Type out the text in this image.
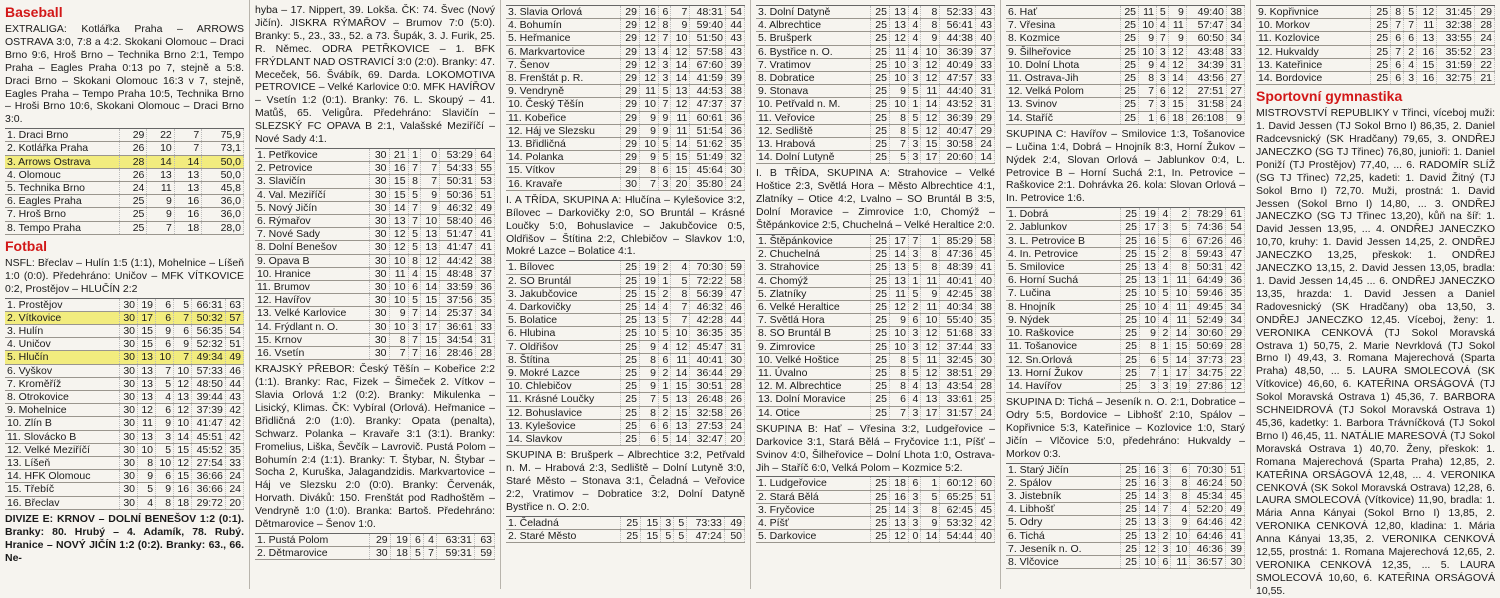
Baseball
EXTRALIGA: Kotlářka Praha – ARROWS OSTRAVA 3:0, 7:8 a 4:2. Skokani Olomouc – Draci Brno 9:6, Hroš Brno – Technika Brno 2:1, Tempo Praha – Eagles Praha 0:13 po 7, stejně a 5:8. Draci Brno – Skokani Olomouc 16:3 v 7, stejně, Eagles Praha – Tempo Praha 10:5, Technika Brno – Hroši Brno 10:6, Skokani Olomouc – Draci Brno 3:0.
1. Draci Brno	29	22	7	75,9
2. Kotlářka Praha	26	10	7	73,1
3. Arrows Ostrava	28	14	14	50,0
4. Olomouc	26	13	13	50,0
5. Technika Brno	24	11	13	45,8
6. Eagles Praha	25	9	16	36,0
7. Hroš Brno	25	9	16	36,0
8. Tempo Praha	25	7	18	28,0
Fotbal
NSFL: Břeclav – Hulín 1:5 (1:1), Mohelnice – Líšeň 1:0 (0:0). Předehráno: Uničov – MFK VÍTKOVICE 0:2, Prostějov – HLUČÍN 2:2
1. Prostějov	30	19	6	5	66:31	63
2. Vítkovice	30	17	6	7	50:32	57
3. Hulín	30	15	9	6	56:35	54
4. Uničov	30	15	6	9	52:32	51
5. Hlučín	30	13	10	7	49:34	49
6. Vyškov	30	13	7	10	57:33	46
7. Kroměříž	30	13	5	12	48:50	44
8. Otrokovice	30	13	4	13	39:44	43
9. Mohelnice	30	12	6	12	37:39	42
10. Zlín B	30	11	9	10	41:47	42
11. Slovácko B	30	13	3	14	45:51	42
12. Velké Meziříčí	30	10	5	15	45:52	35
13. Líšeň	30	8	10	12	27:54	33
14. HFK Olomouc	30	9	6	15	36:66	24
15. Třebíč	30	5	9	16	36:66	24
16. Břeclav	30	4	8	18	29:72	20
DIVIZE E: KRNOV – DOLNÍ BENEŠOV 1:2 (0:1). Branky: 80. Hrubý – 4. Adamík, 78. Rubý. Hranice – NOVÝ JIČÍN 1:2 (0:2). Branky: 63., 66. Ne-
hyba – 17. Nippert, 39. Lokša. ČK: 74. Švec (Nový Jičín). JISKRA RÝMAŘOV – Brumov 7:0 (5:0). Branky: 5., 23., 33., 52. a 73. Šupák, 3. J. Furik, 25. R. Němec. ODRA PETŘKOVICE – 1. BFK FRÝDLANT NAD OSTRAVICÍ 3:0 (2:0). Branky: 47. Meceček, 56. Švábík, 69. Darda. LOKOMOTIVA PETROVICE – Velké Karlovice 0:0. MFK HAVÍŘOV – Vsetín 1:2 (0:1). Branky: 76. L. Skoupý – 41. Matůš, 65. Veligůra. Předehráno: Slavičín – SLEZSKÝ FC OPAVA B 2:1, Valašské Meziříčí – Nové Sady 4:1.
1. Petřkovice	30	21	1	0	53:29	64
2. Petrovice	30	16	7	7	54:33	55
3. Slavičín	30	15	8	7	50:31	53
4. Val. Meziříčí	30	15	5	9	50:36	51
5. Nový Jičín	30	14	7	9	46:32	49
6. Rýmařov	30	13	7	10	58:40	46
7. Nové Sady	30	12	5	13	51:47	41
8. Dolní Benešov	30	12	5	13	41:47	41
9. Opava B	30	10	8	12	44:42	38
10. Hranice	30	11	4	15	48:48	37
11. Brumov	30	10	6	14	33:59	36
12. Havířov	30	10	5	15	37:56	35
13. Velké Karlovice	30	9	7	14	25:37	34
14. Frýdlant n. O.	30	10	3	17	36:61	33
15. Krnov	30	8	7	15	34:54	31
16. Vsetín	30	7	7	16	28:46	28
KRAJSKÝ PŘEBOR: Český Těšín – Kobeřice 2:2 (1:1). Branky: Rac, Fizek – Šimeček 2. Vítkov – Slavia Orlová 1:2 (0:2). Branky: Mikulenka – Lisický, Klimas. ČK: Vybíral (Orlová). Heřmanice – Břidličná 2:0 (1:0). Branky: Opata (penalta), Schwarz. Polanka – Kravaře 3:1 (3:1). Branky: Fromelius, Liška, Ševčík – Lavrovič. Pustá Polom – Bohumín 2:4 (1:1). Branky: T. Štybar, N. Štybar – Socha 2, Kuruška, Jalagandzidis. Markvartovice – Háj ve Slezsku 2:0 (0:0). Branky: Červenák, Horvath. Diváků: 150. Frenštát pod Radhoštěm – Vendryně 1:0 (1:0). Branka: Bartoš. Předehráno: Dětmarovice – Šenov 1:0.
1. Pustá Polom	29	19	6	4	63:31	63
2. Dětmarovice	30	18	5	7	59:31	59
3. Slavia Orlová	29	16	6	7	48:31	54
4. Bohumín	29	12	8	9	59:40	44
5. Heřmanice	29	12	7	10	51:50	43
6. Markvartovice	29	13	4	12	57:58	43
7. Šenov	29	12	3	14	67:60	39
8. Frenštát p. R.	29	12	3	14	41:59	39
9. Vendryně	29	11	5	13	44:53	38
10. Český Těšín	29	10	7	12	47:37	37
11. Kobeřice	29	9	9	11	60:61	36
12. Háj ve Slezsku	29	9	9	11	51:54	36
13. Břidličná	29	10	5	14	51:62	35
14. Polanka	29	9	5	15	51:49	32
15. Vítkov	29	8	6	15	45:64	30
16. Kravaře	30	7	3	20	35:80	24
I. A TŘÍDA, SKUPINA A: Hlučína – Kylešovice 3:2, Bílovec – Darkovičky 2:0, SO Bruntál – Krásné Loučky 5:0, Bohuslavice – Jakubčovice 0:5, Oldřišov – Štítina 2:2, Chlebičov – Slavkov 1:0, Mokré Lazce – Bolatice 4:1.
1. Bílovec	25	19	2	4	70:30	59
2. SO Bruntál	25	19	1	5	72:22	58
3. Jakubčovice	25	15	2	8	56:39	47
4. Darkovičky	25	14	4	7	46:32	46
5. Bolatice	25	13	5	7	42:28	44
6. Hlubina	25	10	5	10	36:35	35
7. Oldřišov	25	9	4	12	45:47	31
8. Štítina	25	8	6	11	40:41	30
9. Mokré Lazce	25	9	2	14	36:44	29
10. Chlebičov	25	9	1	15	30:51	28
11. Krásné Loučky	25	7	5	13	26:48	26
12. Bohuslavice	25	8	2	15	32:58	26
13. Kylešovice	25	6	6	13	27:53	24
14. Slavkov	25	6	5	14	32:47	20
SKUPINA B: Brušperk – Albrechtice 3:2, Petřvald n. M. – Hrabová 2:3, Sedliště – Dolní Lutyně 3:0, Staré Město – Stonava 3:1, Čeladná – Veřovice 2:2, Vratimov – Dobratice 3:2, Dolní Datyně Bystřice n. O. 2:0.
1. Čeladná	25	15	3	5	73:33	49
2. Staré Město	25	15	5	5	47:24	50
3. Dolní Datyně	25	13	4	8	52:33	43
4. Albrechtice	25	13	4	8	56:41	43
5. Brušperk	25	12	4	9	44:38	40
6. Bystřice n. O.	25	11	4	10	36:39	37
7. Vratimov	25	10	3	12	40:49	33
8. Dobratice	25	10	3	12	47:57	33
9. Stonava	25	9	5	11	44:40	31
10. Petřvald n. M.	25	10	1	14	43:52	31
11. Veřovice	25	8	5	12	36:39	29
12. Sedliště	25	8	5	12	40:47	29
13. Hrabová	25	7	3	15	30:58	24
14. Dolní Lutyně	25	5	3	17	20:60	14
I. B TŘÍDA, SKUPINA A: Strahovice – Velké Hoštice 2:3, Světlá Hora – Město Albrechtice 4:1, Zlatníky – Otice 4:2, Lvalno – SO Bruntál B 3:5, Dolní Moravice – Zimrovice 1:0, Chomýž – Štěpánkovice 2:5, Chuchelná – Velké Heraltice 2:0.
1. Štěpánkovice	25	17	7	1	85:29	58
2. Chuchelná	25	14	3	8	47:36	45
3. Strahovice	25	13	5	8	48:39	41
4. Chomýž	25	13	1	11	40:41	40
5. Zlatníky	25	11	5	9	42:45	38
6. Velké Heraltice	25	12	2	11	40:34	38
7. Světlá Hora	25	9	6	10	55:40	35
8. SO Bruntál B	25	10	3	12	51:68	33
9. Zimrovice	25	10	3	12	37:44	33
10. Velké Hoštice	25	8	5	11	32:45	30
11. Úvalno	25	8	5	12	38:51	29
12. M. Albrechtice	25	8	4	13	43:54	28
13. Dolní Moravice	25	6	4	13	33:61	25
14. Otice	25	7	3	17	31:57	24
SKUPINA B: Hať – Vřesina 3:2, Ludgeřovice – Darkovice 3:1, Stará Bělá – Fryčovice 1:1, Píšť – Svinov 4:0, Šilheřovice – Dolní Lhota 1:0, Ostrava-Jih – Staříč 6:0, Velká Polom – Kozmice 5:2.
1. Ludgeřovice	25	18	6	1	60:12	60
2. Stará Bělá	25	16	3	5	65:25	51
3. Fryčovice	25	14	3	8	62:45	45
4. Píšť	25	13	3	9	53:32	42
5. Darkovice	25	12	0	14	54:44	40
6. Hať	25	11	5	9	49:40	38
7. Vřesina	25	10	4	11	57:47	34
8. Kozmice	25	9	7	9	60:50	34
9. Šilheřovice	25	10	3	12	43:48	33
10. Dolní Lhota	25	9	4	12	34:39	31
11. Ostrava-Jih	25	8	3	14	43:56	27
12. Velká Polom	25	7	6	12	27:51	27
13. Svinov	25	7	3	15	31:58	24
14. Staříč	25	1	6	18	26:108	9
SKUPINA C: Havířov – Smilovice 1:3, Tošanovice – Lučina 1:4, Dobrá – Hnojník 8:3, Horní Žukov – Nýdek 2:4, Slovan Orlová – Jablunkov 0:4, L. Petrovice B – Horní Suchá 2:1, In. Petrovice – Raškovice 2:1. Dohrávka 26. kola: Slovan Orlová – In. Petrovice 1:6.
1. Dobrá	25	19	4	2	78:29	61
2. Jablunkov	25	17	3	5	74:36	54
3. L. Petrovice B	25	16	5	6	67:26	46
4. In. Petrovice	25	15	2	8	59:43	47
5. Smilovice	25	13	4	8	50:31	42
6. Horní Suchá	25	13	1	11	64:49	36
7. Lučina	25	10	5	10	59:46	35
8. Hnojník	25	10	4	11	49:45	34
9. Nýdek	25	10	4	11	52:49	34
10. Raškovice	25	9	2	14	30:60	29
11. Tošanovice	25	8	1	15	50:69	28
12. Sn.Orlová	25	6	5	14	37:73	23
13. Horní Žukov	25	7	1	17	34:75	22
14. Havířov	25	3	3	19	27:86	12
SKUPINA D: Tichá – Jeseník n. O. 2:1, Dobratice – Odry 5:5, Bordovice – Libhošť 2:10, Spálov – Kopřivnice 5:3, Kateřinice – Kozlovice 1:0, Starý Jičín – Vlčovice 5:0, předehráno: Hukvaldy – Morkov 0:3.
1. Starý Jičín	25	16	3	6	70:30	51
2. Spálov	25	16	3	8	46:24	50
3. Jistebník	25	14	3	8	45:34	45
4. Libhošť	25	14	7	4	52:20	49
5. Odry	25	13	3	9	64:46	42
6. Tichá	25	13	2	10	64:46	41
7. Jeseník n. O.	25	12	3	10	46:36	39
8. Vlčovice	25	10	6	11	36:57	30
9. Kopřivnice	25	8	5	12	31:45	29
10. Morkov	25	7	7	11	32:38	28
11. Kozlovice	25	6	6	13	33:55	24
12. Hukvaldy	25	7	2	16	35:52	23
13. Kateřinice	25	6	4	15	31:59	22
14. Bordovice	25	6	3	16	32:75	21
Sportovní gymnastika
MISTROVSTVÍ REPUBLIKY v Třinci, víceboj muži: 1. David Jessen (TJ Sokol Brno I) 86,35, 2. Daniel Radcevsnický (SK Hradčany) 79,65, 3. ONDŘEJ JANECZKO (SG TJ Třinec) 76,80, junioři: 1. Daniel Poniží (TJ Prostějov) 77,40, ... 6. RADOMÍR SLÍŽ (SG TJ Třinec) 72,25, kadeti: 1. David Žitný (TJ Sokol Brno I) 72,70. Muži, prostná: 1. David Jessen (Sokol Brno I) 14,80, ... 3. ONDŘEJ JANECZKO (SG TJ Třinec 13,20), kůň na šíř: 1. David Jessen 13,95, ... 4. ONDŘEJ JANECZKO 10,70, kruhy: 1. David Jessen 14,25, 2. ONDŘEJ JANECZKO 13,25, přeskok: 1. ONDŘEJ JANECZKO 13,15, 2. David Jessen 13,05, bradla: 1. David Jessen 14,45 ... 6. ONDŘEJ JANECZKO 13,35, hrazda: 1. David Jessen a Daniel Radovesnický (SK Hradčany) oba 13,50, 3. ONDŘEJ JANECZKO 12,45. Víceboj, ženy: 1. VERONIKA CENKOVÁ (TJ Sokol Moravská Ostrava 1) 50,75, 2. Marie Nevrklová (TJ Sokol Brno I) 49,43, 3. Romana Majerechová (Sparta Praha) 48,50, ... 5. LAURA SMOLECOVÁ (SK Vítkovice) 46,60, 6. KATEŘINA ORSÁGOVÁ (TJ Sokol Moravská Ostrava 1) 45,36, 7. BARBORA SCHNEIDROVÁ (TJ Sokol Moravská Ostrava 1) 45,36, kadetky: 1. Barbora Trávníčková (TJ Sokol Brno I) 46,45, 11. NATÁLIE MARESOVÁ (TJ Sokol Moravská Ostrava 1) 40,70. Ženy, přeskok: 1. Romana Majerechová (Sparta Praha) 12,85, 2. KATEŘINA ORSÁGOVÁ 12,48, ... 4. VERONIKA CENKOVÁ (SK Sokol Moravská Ostrava) 12,28, 6. LAURA SMOLECOVÁ (Vítkovice) 11,90, bradla: 1. Mária Anna Kányai (Sokol Brno I) 13,85, 2. VERONIKA CENKOVÁ 12,80, kladina: 1. Mária Anna Kányai 13,35, 2. VERONIKA CENKOVÁ 12,55, prostná: 1. Romana Majerechová 12,65, 2. VERONIKA CENKOVÁ 12,35, ... 5. LAURA SMOLECOVÁ 10,60, 6. KATEŘINA ORSÁGOVÁ 10,55.
